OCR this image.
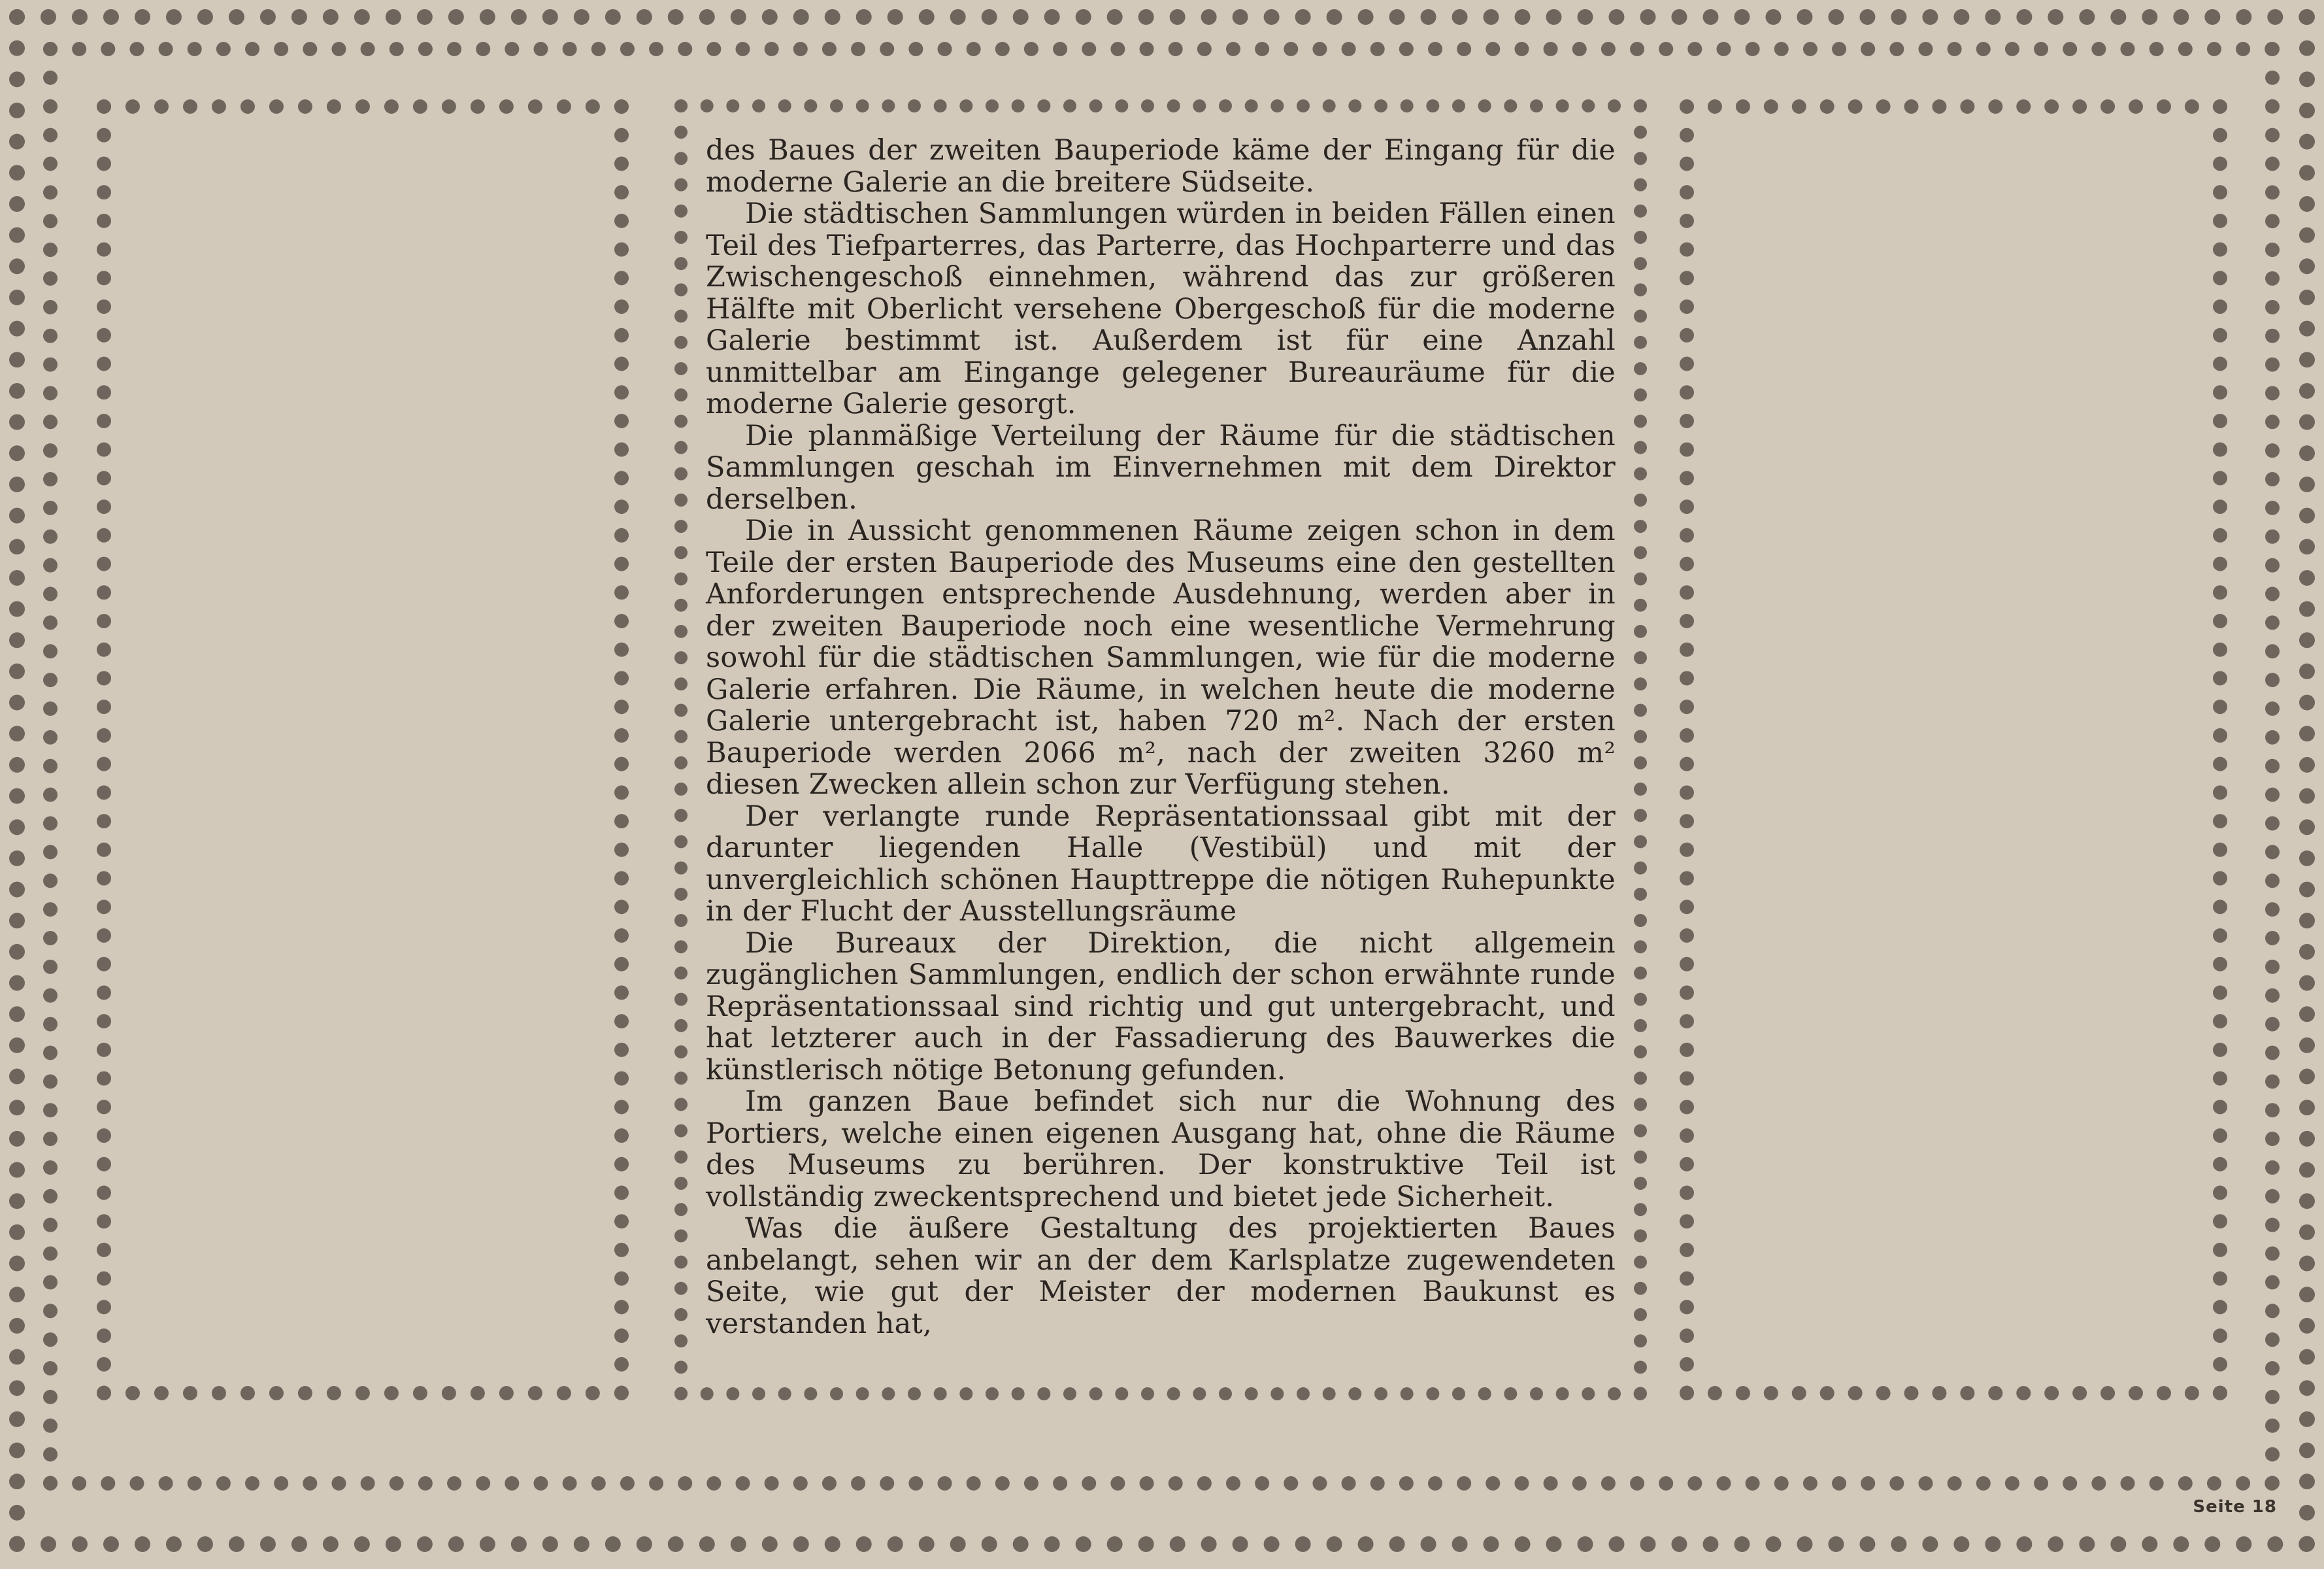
des Baues der zweiten Bauperiode käme der Eingang für die moderne Galerie an die breitere Südseite.

Die städtischen Sammlungen würden in beiden Fällen einen Teil des Tiefparterres, das Parterre, das Hochparterre und das Zwischengeschoß einnehmen, während das zur größeren Hälfte mit Oberlicht versehene Obergeschoß für die moderne Galerie bestimmt ist. Außerdem ist für eine Anzahl unmittelbar am Eingange gelegener Bureauräume für die moderne Galerie gesorgt.

Die planmäßige Verteilung der Räume für die städtischen Sammlungen geschah im Einvernehmen mit dem Direktor derselben.

Die in Aussicht genommenen Räume zeigen schon in dem Teile der ersten Bauperiode des Museums eine den gestellten Anforderungen entsprechende Ausdehnung, werden aber in der zweiten Bauperiode noch eine wesentliche Vermehrung sowohl für die städtischen Sammlungen, wie für die moderne Galerie erfahren. Die Räume, in welchen heute die moderne Galerie untergebracht ist, haben 720 m². Nach der ersten Bauperiode werden 2066 m², nach der zweiten 3260 m² diesen Zwecken allein schon zur Verfügung stehen.

Der verlangte runde Repräsentationssaal gibt mit der darunter liegenden Halle (Vestibül) und mit der unvergleichlich schönen Haupttreppe die nötigen Ruhepunkte in der Flucht der Ausstellungsräume

Die Bureaux der Direktion, die nicht allgemein zugänglichen Sammlungen, endlich der schon erwähnte runde Repräsentationssaal sind richtig und gut untergebracht, und hat letzterer auch in der Fassadierung des Bauwerkes die künstlerisch nötige Betonung gefunden.

Im ganzen Baue befindet sich nur die Wohnung des Portiers, welche einen eigenen Ausgang hat, ohne die Räume des Museums zu berühren. Der konstruktive Teil ist vollständig zweckentsprechend und bietet jede Sicherheit.

Was die äußere Gestaltung des projektierten Baues anbelangt, sehen wir an der dem Karlsplatze zugewendeten Seite, wie gut der Meister der modernen Baukunst es verstanden hat,

Seite 18
